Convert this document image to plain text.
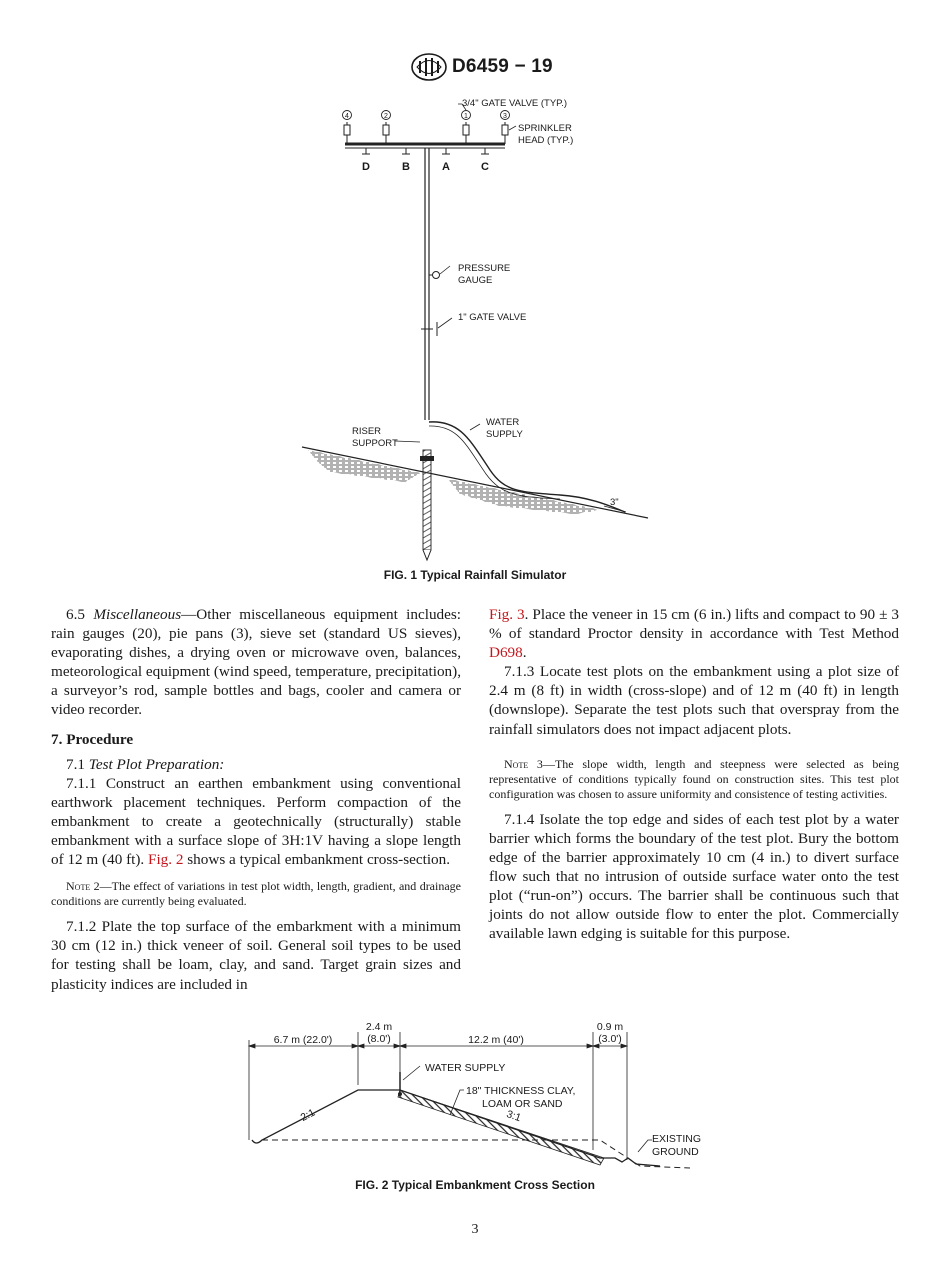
D6459 − 19
4	2	1	3
D	B	A	C
3/4" GATE VALVE (TYP.)
SPRINKLER
HEAD (TYP.)
PRESSURE
GAUGE
1" GATE VALVE
WATER
SUPPLY
RISER
SUPPORT
3"
FIG. 1 Typical Rainfall Simulator

6.5 Miscellaneous—Other miscellaneous equipment includes: rain gauges (20), pie pans (3), sieve set (standard US sieves), evaporating dishes, a drying oven or microwave oven, balances, meteorological equipment (wind speed, temperature, precipitation), a surveyor’s rod, sample bottles and bags, cooler and camera or video recorder.

7. Procedure

7.1 Test Plot Preparation:

7.1.1 Construct an earthen embankment using conventional earthwork placement techniques. Perform compaction of the embankment to create a geotechnically (structurally) stable embankment with a surface slope of 3H:1V having a slope length of 12 m (40 ft). Fig. 2 shows a typical embankment cross-section.

Note 2—The effect of variations in test plot width, length, gradient, and drainage conditions are currently being evaluated.

7.1.2 Plate the top surface of the embarkment with a minimum 30 cm (12 in.) thick veneer of soil. General soil types to be used for testing shall be loam, clay, and sand. Target grain sizes and plasticity indices are included in

Fig. 3. Place the veneer in 15 cm (6 in.) lifts and compact to 90 ± 3 % of standard Proctor density in accordance with Test Method D698.

7.1.3 Locate test plots on the embankment using a plot size of 2.4 m (8 ft) in width (cross-slope) and of 12 m (40 ft) in length (downslope). Separate the test plots such that overspray from the rainfall simulators does not impact adjacent plots.

Note 3—The slope width, length and steepness were selected as being representative of conditions typically found on construction sites. This test plot configuration was chosen to assure uniformity and consistence of testing activities.

7.1.4 Isolate the top edge and sides of each test plot by a water barrier which forms the boundary of the test plot. Bury the bottom edge of the barrier approximately 10 cm (4 in.) to divert surface flow such that no intrusion of outside surface water onto the test plot (“run-on”) occurs. The barrier shall be continuous such that joints do not allow outside flow to enter the plot. Commercially available lawn edging is suitable for this purpose.

6.7 m (22.0')
2.4 m
(8.0')	12.2 m (40')
0.9 m
(3.0')
WATER SUPPLY
18" THICKNESS CLAY,
LOAM OR SAND
2:1	3:1
EXISTING
GROUND
FIG. 2 Typical Embankment Cross Section
3
